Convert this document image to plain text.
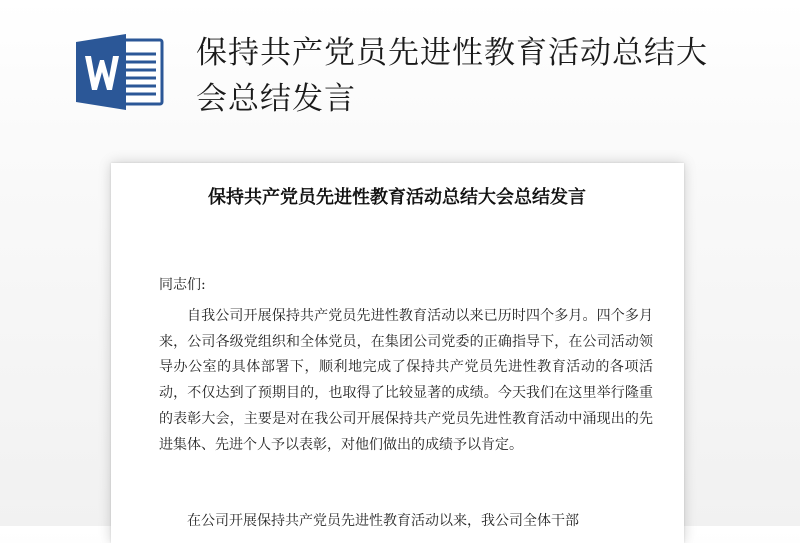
保持共产党员先进性教育活动总结大会总结发言
保持共产党员先进性教育活动总结大会总结发言

同志们:

自我公司开展保持共产党员先进性教育活动以来已历时四个多月。四个多月来，公司各级党组织和全体党员，在集团公司党委的正确指导下，在公司活动领导办公室的具体部署下，顺利地完成了保持共产党员先进性教育活动的各项活动，不仅达到了预期目的，也取得了比较显著的成绩。今天我们在这里举行隆重的表彰大会，主要是对在我公司开展保持共产党员先进性教育活动中涌现出的先进集体、先进个人予以表彰，对他们做出的成绩予以肯定。

在公司开展保持共产党员先进性教育活动以来，我公司全体干部
